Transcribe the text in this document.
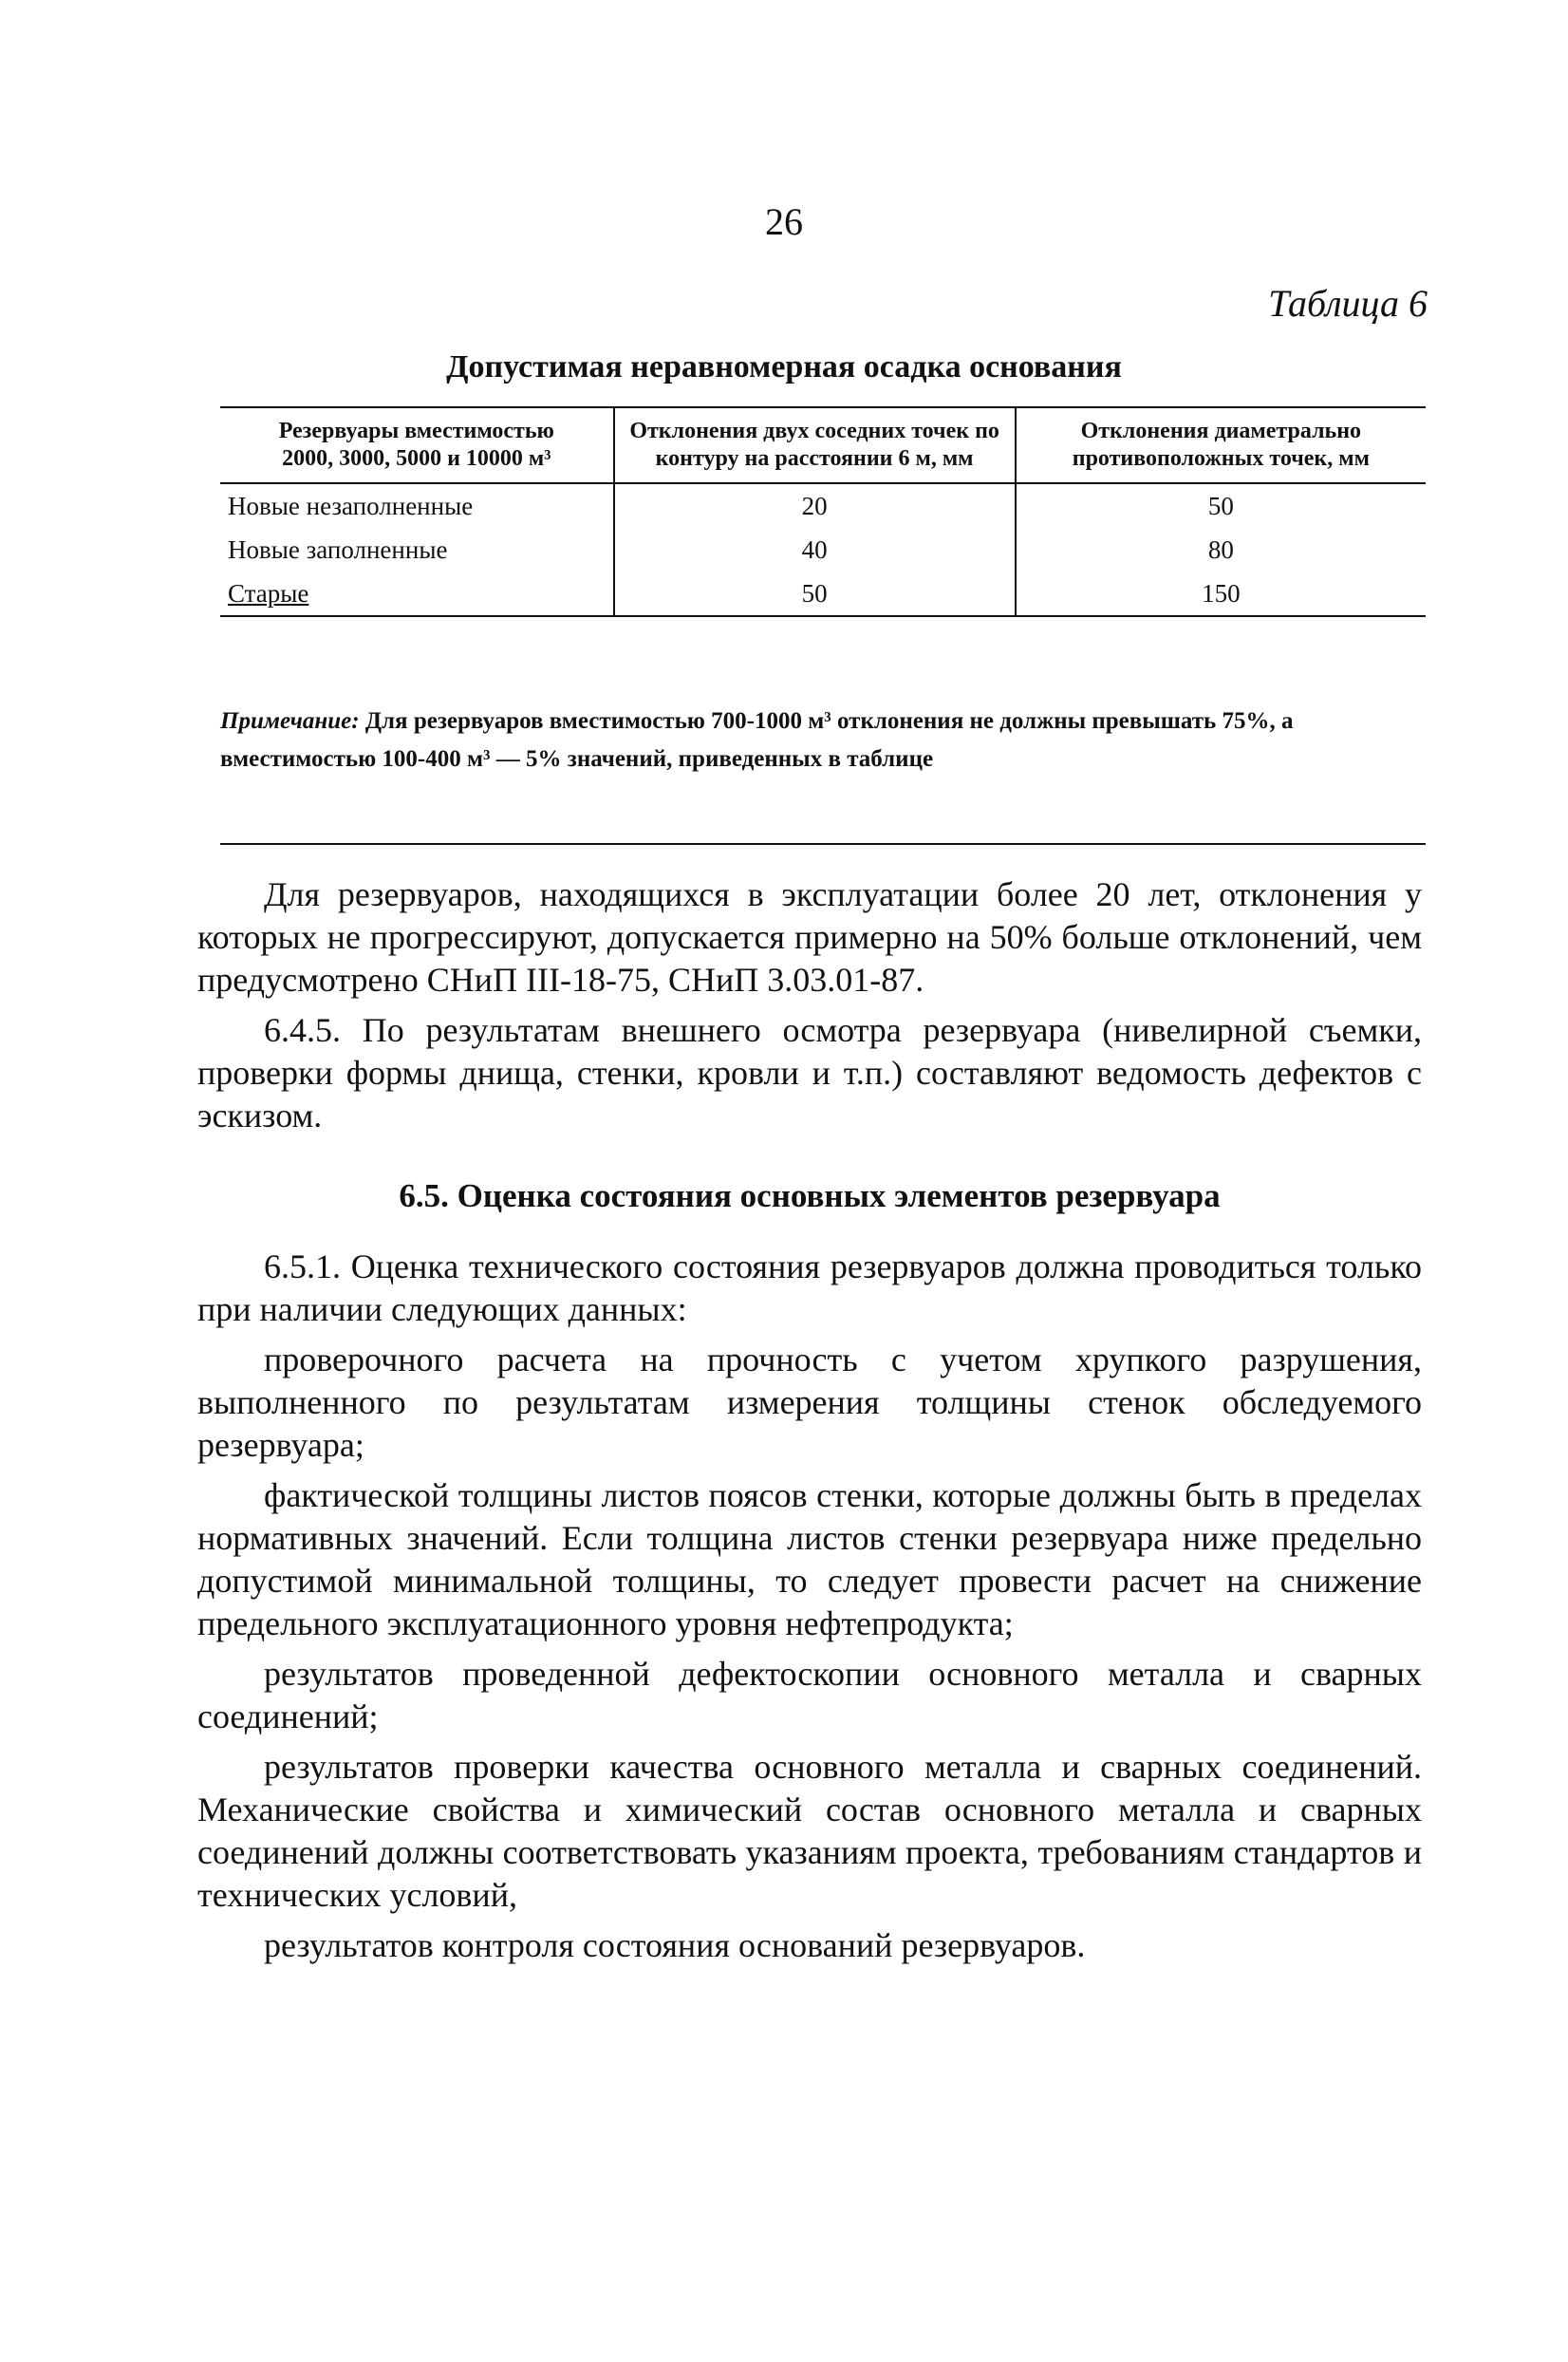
26
Таблица 6
Допустимая неравномерная осадка основания
Резервуары вместимостью
2000, 3000, 5000 и 10000 м³	Отклонения двух соседних точек по контуру на расстоянии 6 м, мм	Отклонения диаметрально противоположных точек, мм
Новые незаполненные	20	50
Новые заполненные	40	80
Старые	50	150
Примечание: Для резервуаров вместимостью 700-1000 м³ отклонения не должны превышать 75%, а вместимостью 100-400 м³ — 5% значений, приведенных в таблице

Для резервуаров, находящихся в эксплуатации более 20 лет, отклонения у которых не прогрессируют, допускается примерно на 50% больше отклонений, чем предусмотрено СНиП III-18-75, СНиП 3.03.01-87.

6.4.5. По результатам внешнего осмотра резервуара (нивелирной съемки, проверки формы днища, стенки, кровли и т.п.) составляют ведомость дефектов с эскизом.

6.5. Оценка состояния основных элементов резервуара

6.5.1. Оценка технического состояния резервуаров должна проводиться только при наличии следующих данных:

проверочного расчета на прочность с учетом хрупкого разрушения, выполненного по результатам измерения толщины стенок обследуемого резервуара;

фактической толщины листов поясов стенки, которые должны быть в пределах нормативных значений. Если толщина листов стенки резервуара ниже предельно допустимой минимальной толщины, то следует провести расчет на снижение предельного эксплуатационного уровня нефтепродукта;

результатов проведенной дефектоскопии основного металла и сварных соединений;

результатов проверки качества основного металла и сварных соединений. Механические свойства и химический состав основного металла и сварных соединений должны соответствовать указаниям проекта, требованиям стандартов и технических условий,

результатов контроля состояния оснований резервуаров.
